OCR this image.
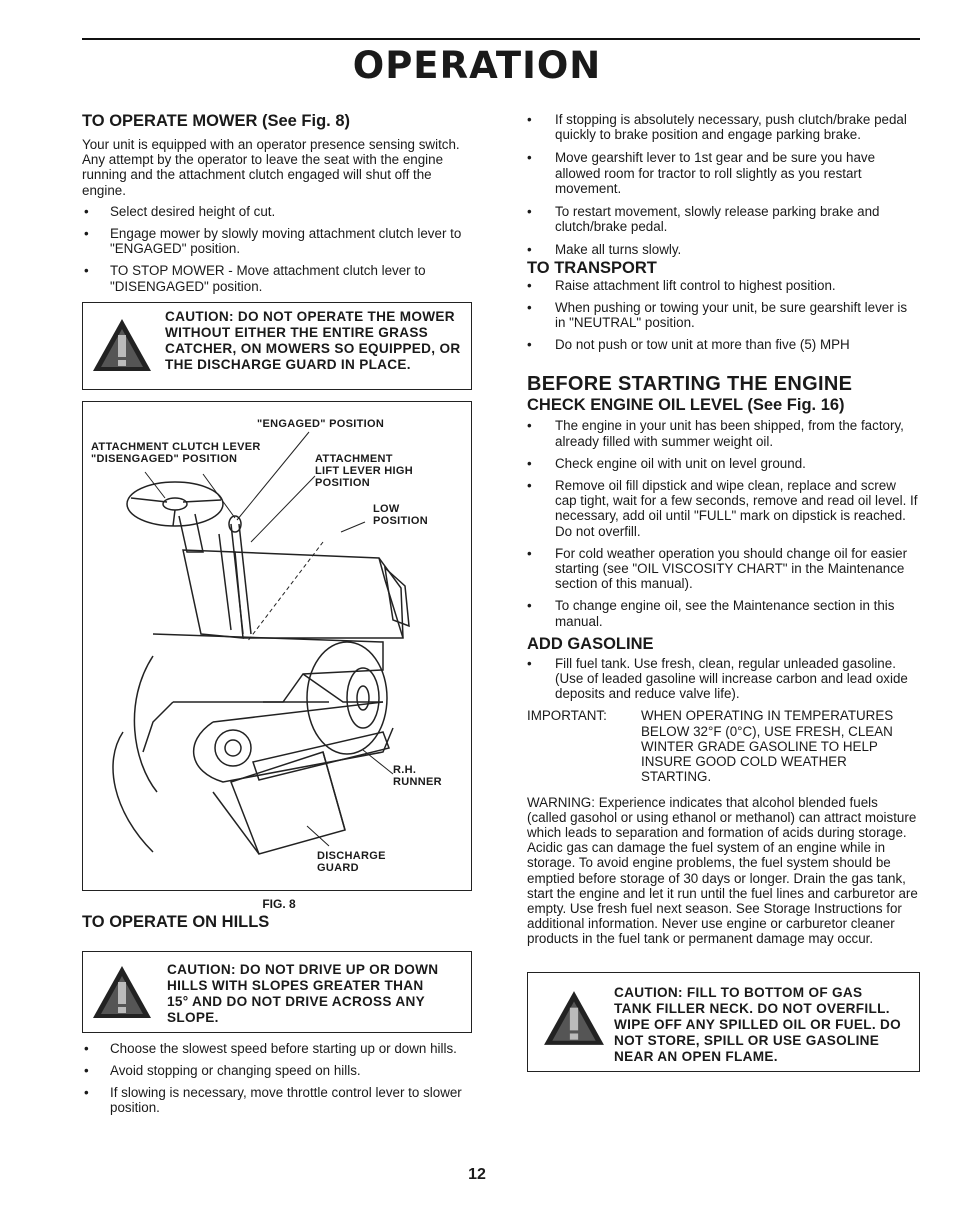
OPERATION
TO OPERATE MOWER (See Fig. 8)

Your unit is equipped with an operator presence sensing switch. Any attempt by the operator to leave the seat with the engine running and the attachment clutch engaged will shut off the engine.

• Select desired height of cut.
• Engage mower by slowly moving attachment clutch lever to "ENGAGED" position.
• TO STOP MOWER - Move attachment clutch lever to "DISENGAGED" position.
CAUTION: DO NOT OPERATE THE MOWER WITHOUT EITHER THE ENTIRE GRASS CATCHER, ON MOWERS SO EQUIPPED, OR THE DISCHARGE GUARD IN PLACE.
"ENGAGED" POSITION
ATTACHMENT CLUTCH LEVER
"DISENGAGED" POSITION	ATTACHMENT LIFT LEVER HIGH POSITION
LOW POSITION
R.H. RUNNER
DISCHARGE GUARD
FIG. 8
TO OPERATE ON HILLS
CAUTION: DO NOT DRIVE UP OR DOWN HILLS WITH SLOPES GREATER THAN 15° AND DO NOT DRIVE ACROSS ANY SLOPE.
• Choose the slowest speed before starting up or down hills.
• Avoid stopping or changing speed on hills.
• If slowing is necessary, move throttle control lever to slower position.
• If stopping is absolutely necessary, push clutch/brake pedal quickly to brake position and engage parking brake.
• Move gearshift lever to 1st gear and be sure you have allowed room for tractor to roll slightly as you restart movement.
• To restart movement, slowly release parking brake and clutch/brake pedal.
• Make all turns slowly.
TO TRANSPORT
• Raise attachment lift control to highest position.
• When pushing or towing your unit, be sure gearshift lever is in "NEUTRAL" position.
• Do not push or tow unit at more than five (5) MPH
BEFORE STARTING THE ENGINE
CHECK ENGINE OIL LEVEL (See Fig. 16)
• The engine in your unit has been shipped, from the factory, already filled with summer weight oil.
• Check engine oil with unit on level ground.
• Remove oil fill dipstick and wipe clean, replace and screw cap tight, wait for a few seconds, remove and read oil level. If necessary, add oil until "FULL" mark on dipstick is reached. Do not overfill.
• For cold weather operation you should change oil for easier starting (see "OIL VISCOSITY CHART" in the Maintenance section of this manual).
• To change engine oil, see the Maintenance section in this manual.
ADD GASOLINE
• Fill fuel tank. Use fresh, clean, regular unleaded gasoline. (Use of leaded gasoline will increase carbon and lead oxide deposits and reduce valve life).
IMPORTANT:	WHEN OPERATING IN TEMPERATURES BELOW 32°F (0°C), USE FRESH, CLEAN WINTER GRADE GASOLINE TO HELP INSURE GOOD COLD WEATHER STARTING.

WARNING: Experience indicates that alcohol blended fuels (called gasohol or using ethanol or methanol) can attract moisture which leads to separation and formation of acids during storage. Acidic gas can damage the fuel system of an engine while in storage. To avoid engine problems, the fuel system should be emptied before storage of 30 days or longer. Drain the gas tank, start the engine and let it run until the fuel lines and carburetor are empty. Use fresh fuel next season. See Storage Instructions for additional information. Never use engine or carburetor cleaner products in the fuel tank or permanent damage may occur.

CAUTION: FILL TO BOTTOM OF GAS TANK FILLER NECK. DO NOT OVERFILL. WIPE OFF ANY SPILLED OIL OR FUEL. DO NOT STORE, SPILL OR USE GASOLINE NEAR AN OPEN FLAME.
12
